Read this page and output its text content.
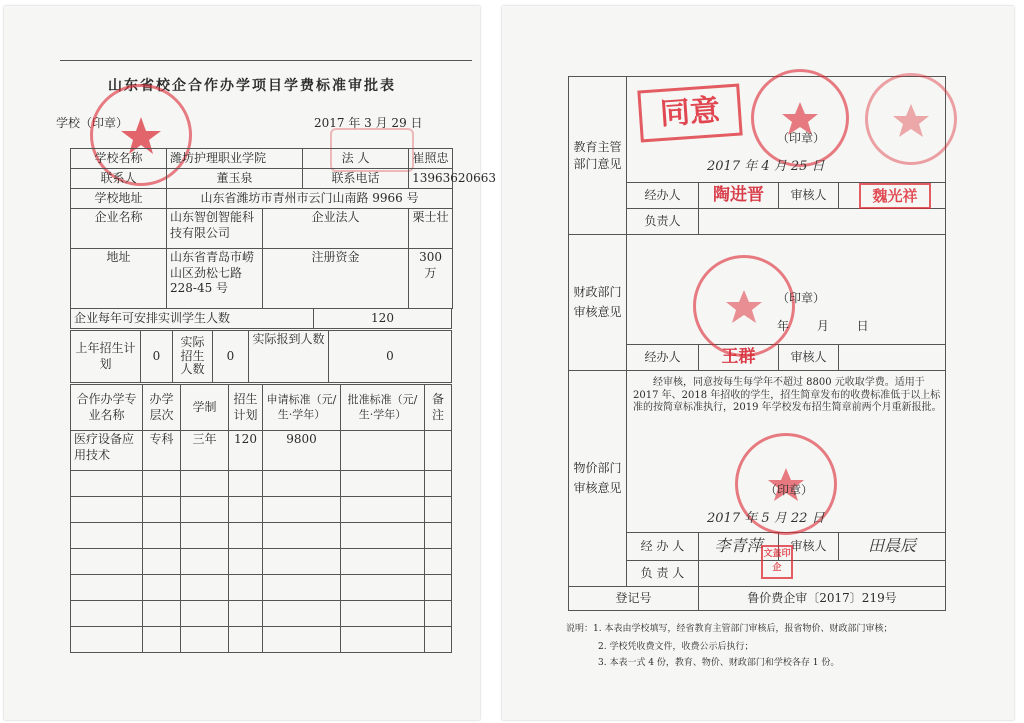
山东省校企合作办学项目学费标准审批表
学校（印章）	2017 年 3 月 29 日
学校名称	潍坊护理职业学院		法 人	崔照忠
联系人	董玉泉		联系电话	13963620663
学校地址	山东省潍坊市青州市云门山南路 9966 号			
企业名称	山东智创智能科技有限公司	企业法人		栗士壮
地址	山东省青岛市崂山区劲松七路 228-45 号	注册资金		300 万
企业每年可安排实训学生人数	120
上年招生计划	0	实际招生人数	0	实际报到人数	0
合作办学专业名称	办学层次	学制	招生计划	申请标准（元/生·学年）	批准标准（元/生·学年）	备注
医疗设备应用技术	专科	三年	120	9800		

教育主管部门意见	同意
（印章）
2017 年 4 月 25 日			

	经办人	陶进晋	审核人	魏光祥

	负责人			
财政部门审核意见	（印章）
年 月 日			

	经办人	王群	审核人	
物价部门审核意见	经审核，同意按每生每学年不超过 8800 元收取学费。适用于 2017 年、2018 年招收的学生，招生简章发布的收费标准低于以上标准的按简章标准执行，2019 年学校发布招生简章前两个月重新报批。
（印章）
2017 年 5 月 22 日			

	经 办 人	李青萍	审核人	田晨辰
	负 责 人	文盖印企		

登记号		鲁价费企审〔2017〕219号		
说明：1. 本表由学校填写，经省教育主管部门审核后，报省物价、财政部门审核；
2. 学校凭收费文件，收费公示后执行；
3. 本表一式 4 份，教育、物价、财政部门和学校各存 1 份。
